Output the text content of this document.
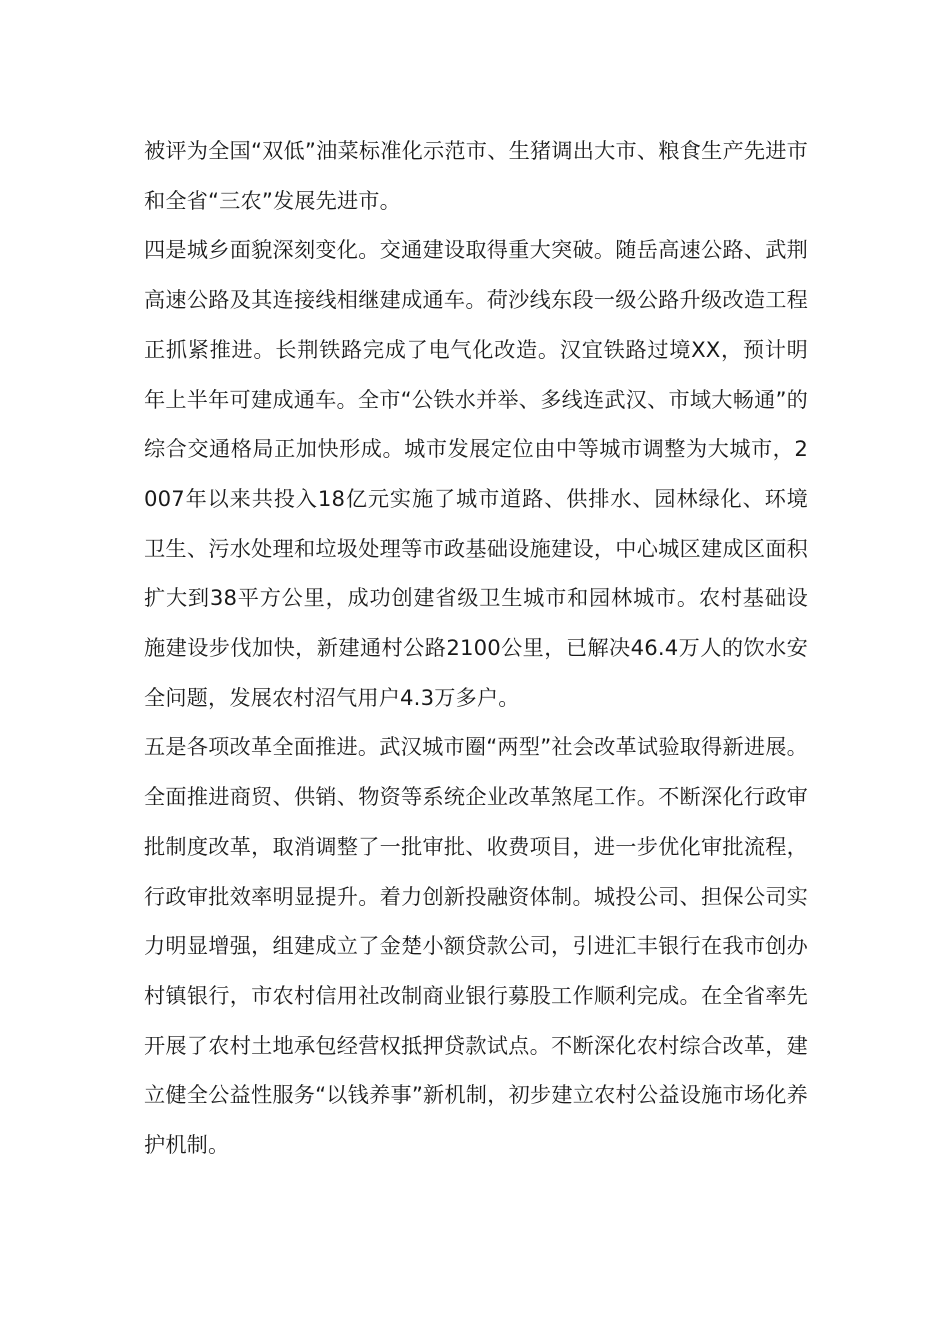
被评为全国“双低”油菜标准化示范市、生猪调出大市、粮食生产先进市和全省“三农”发展先进市。

四是城乡面貌深刻变化。交通建设取得重大突破。随岳高速公路、武荆高速公路及其连接线相继建成通车。荷沙线东段一级公路升级改造工程正抓紧推进。长荆铁路完成了电气化改造。汉宜铁路过境XX，预计明年上半年可建成通车。全市“公铁水并举、多线连武汉、市域大畅通”的综合交通格局正加快形成。城市发展定位由中等城市调整为大城市，2007年以来共投入18亿元实施了城市道路、供排水、园林绿化、环境卫生、污水处理和垃圾处理等市政基础设施建设，中心城区建成区面积扩大到38平方公里，成功创建省级卫生城市和园林城市。农村基础设施建设步伐加快，新建通村公路2100公里，已解决46.4万人的饮水安全问题，发展农村沼气用户4.3万多户。

五是各项改革全面推进。武汉城市圈“两型”社会改革试验取得新进展。全面推进商贸、供销、物资等系统企业改革煞尾工作。不断深化行政审批制度改革，取消调整了一批审批、收费项目，进一步优化审批流程，行政审批效率明显提升。着力创新投融资体制。城投公司、担保公司实力明显增强，组建成立了金楚小额贷款公司，引进汇丰银行在我市创办村镇银行，市农村信用社改制商业银行募股工作顺利完成。在全省率先开展了农村土地承包经营权抵押贷款试点。不断深化农村综合改革，建立健全公益性服务“以钱养事”新机制，初步建立农村公益设施市场化养护机制。
